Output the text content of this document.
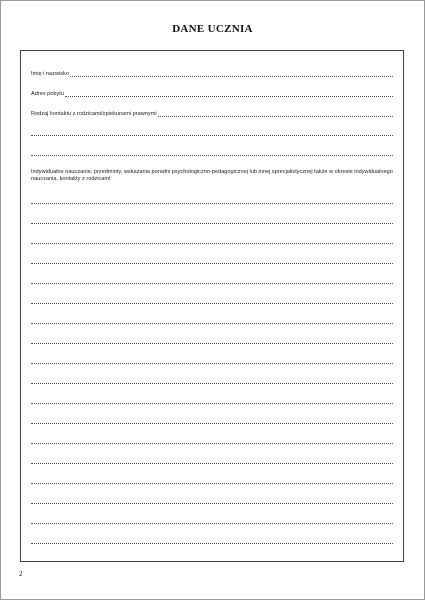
DANE UCZNIA
Imię i nazwisko
Adres pobytu
Rodzaj kontaktu z rodzicami/opiekunami prawnymi
Indywidualne nauczanie, przedmioty, wskazania poradni psychologiczno-pedagogicznej lub innej sprecjalistycznej także w okresie indywidualnego nauczania, kontakty z rodzicami
2
